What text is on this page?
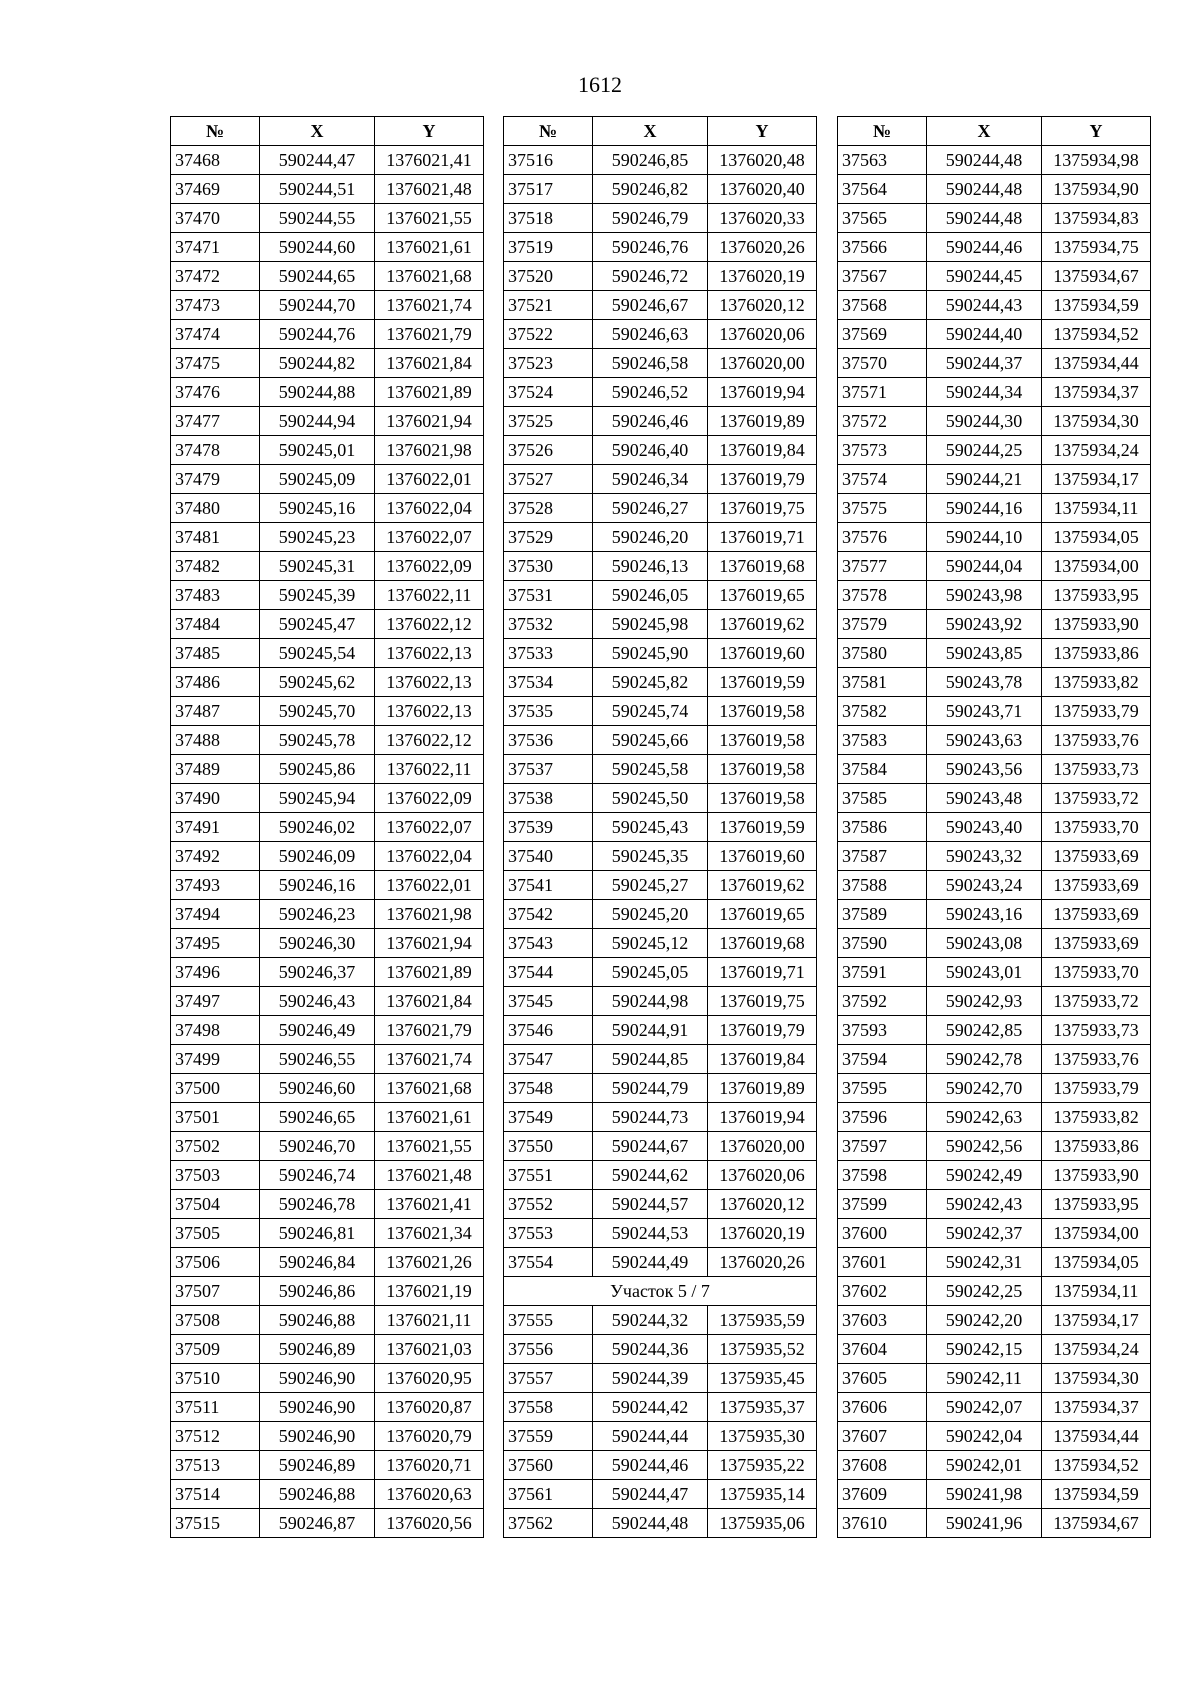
1612
№	X	Y
37468	590244,47	1376021,41
37469	590244,51	1376021,48
37470	590244,55	1376021,55
37471	590244,60	1376021,61
37472	590244,65	1376021,68
37473	590244,70	1376021,74
37474	590244,76	1376021,79
37475	590244,82	1376021,84
37476	590244,88	1376021,89
37477	590244,94	1376021,94
37478	590245,01	1376021,98
37479	590245,09	1376022,01
37480	590245,16	1376022,04
37481	590245,23	1376022,07
37482	590245,31	1376022,09
37483	590245,39	1376022,11
37484	590245,47	1376022,12
37485	590245,54	1376022,13
37486	590245,62	1376022,13
37487	590245,70	1376022,13
37488	590245,78	1376022,12
37489	590245,86	1376022,11
37490	590245,94	1376022,09
37491	590246,02	1376022,07
37492	590246,09	1376022,04
37493	590246,16	1376022,01
37494	590246,23	1376021,98
37495	590246,30	1376021,94
37496	590246,37	1376021,89
37497	590246,43	1376021,84
37498	590246,49	1376021,79
37499	590246,55	1376021,74
37500	590246,60	1376021,68
37501	590246,65	1376021,61
37502	590246,70	1376021,55
37503	590246,74	1376021,48
37504	590246,78	1376021,41
37505	590246,81	1376021,34
37506	590246,84	1376021,26
37507	590246,86	1376021,19
37508	590246,88	1376021,11
37509	590246,89	1376021,03
37510	590246,90	1376020,95
37511	590246,90	1376020,87
37512	590246,90	1376020,79
37513	590246,89	1376020,71
37514	590246,88	1376020,63
37515	590246,87	1376020,56
№	X	Y
37516	590246,85	1376020,48
37517	590246,82	1376020,40
37518	590246,79	1376020,33
37519	590246,76	1376020,26
37520	590246,72	1376020,19
37521	590246,67	1376020,12
37522	590246,63	1376020,06
37523	590246,58	1376020,00
37524	590246,52	1376019,94
37525	590246,46	1376019,89
37526	590246,40	1376019,84
37527	590246,34	1376019,79
37528	590246,27	1376019,75
37529	590246,20	1376019,71
37530	590246,13	1376019,68
37531	590246,05	1376019,65
37532	590245,98	1376019,62
37533	590245,90	1376019,60
37534	590245,82	1376019,59
37535	590245,74	1376019,58
37536	590245,66	1376019,58
37537	590245,58	1376019,58
37538	590245,50	1376019,58
37539	590245,43	1376019,59
37540	590245,35	1376019,60
37541	590245,27	1376019,62
37542	590245,20	1376019,65
37543	590245,12	1376019,68
37544	590245,05	1376019,71
37545	590244,98	1376019,75
37546	590244,91	1376019,79
37547	590244,85	1376019,84
37548	590244,79	1376019,89
37549	590244,73	1376019,94
37550	590244,67	1376020,00
37551	590244,62	1376020,06
37552	590244,57	1376020,12
37553	590244,53	1376020,19
37554	590244,49	1376020,26
Участок 5 / 7		
37555	590244,32	1375935,59
37556	590244,36	1375935,52
37557	590244,39	1375935,45
37558	590244,42	1375935,37
37559	590244,44	1375935,30
37560	590244,46	1375935,22
37561	590244,47	1375935,14
37562	590244,48	1375935,06
№	X	Y
37563	590244,48	1375934,98
37564	590244,48	1375934,90
37565	590244,48	1375934,83
37566	590244,46	1375934,75
37567	590244,45	1375934,67
37568	590244,43	1375934,59
37569	590244,40	1375934,52
37570	590244,37	1375934,44
37571	590244,34	1375934,37
37572	590244,30	1375934,30
37573	590244,25	1375934,24
37574	590244,21	1375934,17
37575	590244,16	1375934,11
37576	590244,10	1375934,05
37577	590244,04	1375934,00
37578	590243,98	1375933,95
37579	590243,92	1375933,90
37580	590243,85	1375933,86
37581	590243,78	1375933,82
37582	590243,71	1375933,79
37583	590243,63	1375933,76
37584	590243,56	1375933,73
37585	590243,48	1375933,72
37586	590243,40	1375933,70
37587	590243,32	1375933,69
37588	590243,24	1375933,69
37589	590243,16	1375933,69
37590	590243,08	1375933,69
37591	590243,01	1375933,70
37592	590242,93	1375933,72
37593	590242,85	1375933,73
37594	590242,78	1375933,76
37595	590242,70	1375933,79
37596	590242,63	1375933,82
37597	590242,56	1375933,86
37598	590242,49	1375933,90
37599	590242,43	1375933,95
37600	590242,37	1375934,00
37601	590242,31	1375934,05
37602	590242,25	1375934,11
37603	590242,20	1375934,17
37604	590242,15	1375934,24
37605	590242,11	1375934,30
37606	590242,07	1375934,37
37607	590242,04	1375934,44
37608	590242,01	1375934,52
37609	590241,98	1375934,59
37610	590241,96	1375934,67
